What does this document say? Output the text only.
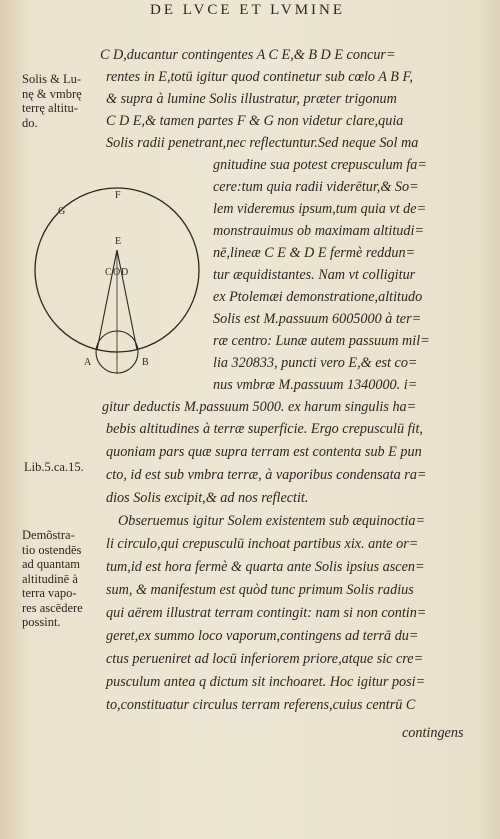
DE LVCE ET LVMINE
Solis & Lu-
nę & vmbrę
terrę altitu-
do.
Lib.5.ca.15.
Demõstra-
tio ostendēs
ad quantam
altitudinē à
terra vapo-
res ascēdere
possint.
F
G
E
C D
O
A	B
C D,ducantur contingentes A C E,& B D E concur=
rentes in E,totū igitur quod continetur sub cœlo A B F,
& supra à lumine Solis illustratur, præter trigonum
C D E,& tamen partes F & G non videtur clare,quia
Solis radii penetrant,nec reflectuntur.Sed neque Sol ma
gnitudine sua potest crepusculum fa=
cere:tum quia radii viderētur,& So=
lem videremus ipsum,tum quia vt de=
monstrauimus ob maximam altitudi=
nē,lineæ C E & D E fermè reddun=
tur æquidistantes. Nam vt colligitur
ex Ptolemæi demonstratione,altitudo
Solis est M.passuum 6005000 à ter=
ræ centro: Lunæ autem passuum mil=
lia 320833, puncti vero E,& est co=
nus vmbræ M.passuum 1340000. i=
gitur deductis M.passuum 5000. ex harum singulis ha=
bebis altitudines à terræ superficie. Ergo crepusculū fit,
quoniam pars quæ supra terram est contenta sub E pun
cto, id est sub vmbra terræ, à vaporibus condensata ra=
dios Solis excipit,& ad nos reflectit.
Obseruemus igitur Solem existentem sub æquinoctia=
li circulo,qui crepusculū inchoat partibus xix. ante or=
tum,id est hora fermè & quarta ante Solis ipsius ascen=
sum, & manifestum est quòd tunc primum Solis radius
qui aërem illustrat terram contingit: nam si non contin=
geret,ex summo loco vaporum,contingens ad terrā du=
ctus perueniret ad locū inferiorem priore,atque sic cre=
pusculum antea q dictum sit inchoaret. Hoc igitur posi=
to,constituatur circulus terram referens,cuius centrū C
contingens
